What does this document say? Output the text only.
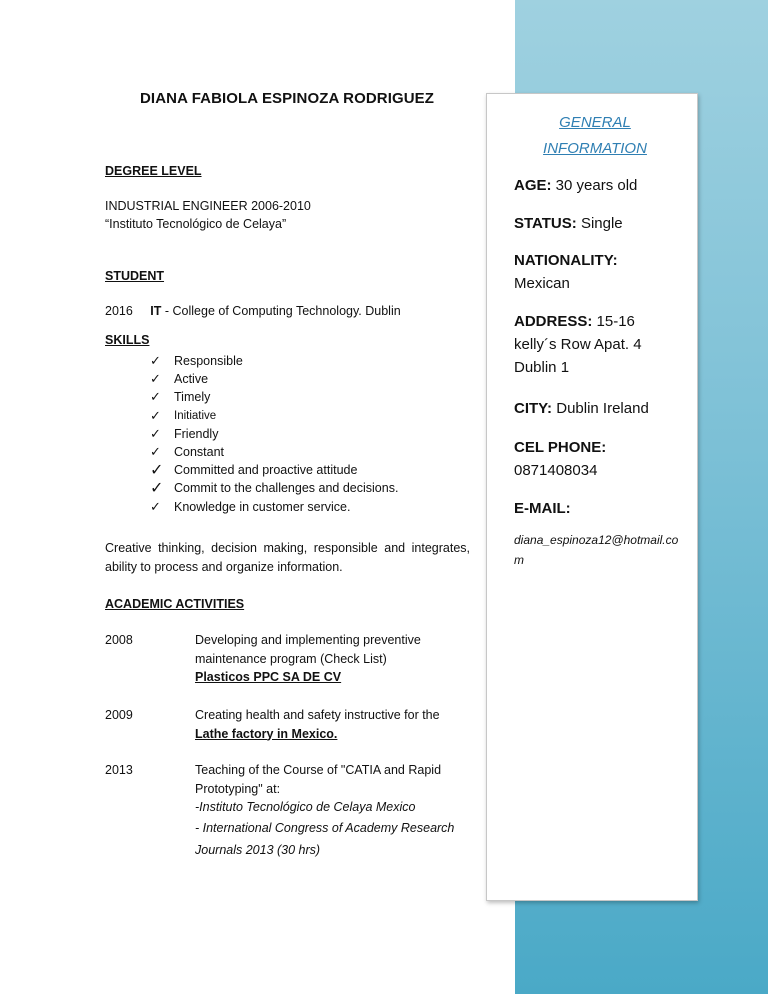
DIANA FABIOLA ESPINOZA RODRIGUEZ
DEGREE LEVEL
INDUSTRIAL ENGINEER 2006-2010
“Instituto Tecnológico de Celaya”
STUDENT
2016 IT - College of Computing Technology. Dublin
SKILLS
✓	Responsible
✓	Active
✓	Timely
✓	Initiative
✓	Friendly
✓	Constant
✓ Committed and proactive attitude
✓ Commit to the challenges and decisions.
✓	Knowledge in customer service.
Creative thinking, decision making, responsible and integrates, ability to process and organize information.
ACADEMIC ACTIVITIES
2008	Developing and implementing preventive maintenance program (Check List)
Plasticos PPC SA DE CV
2009	Creating health and safety instructive for the Lathe factory in Mexico.
2013	Teaching of the Course of "CATIA and Rapid Prototyping" at:
-Instituto Tecnológico de Celaya Mexico
- International Congress of Academy Research Journals 2013 (30 hrs)
GENERAL INFORMATION
AGE: 30 years old
STATUS: Single
NATIONALITY:
Mexican
ADDRESS: 15-16
kelly´s Row Apat. 4
Dublin 1
CITY: Dublin Ireland
CEL PHONE:
0871408034
E-MAIL:
diana_espinoza12@hotmail.com
